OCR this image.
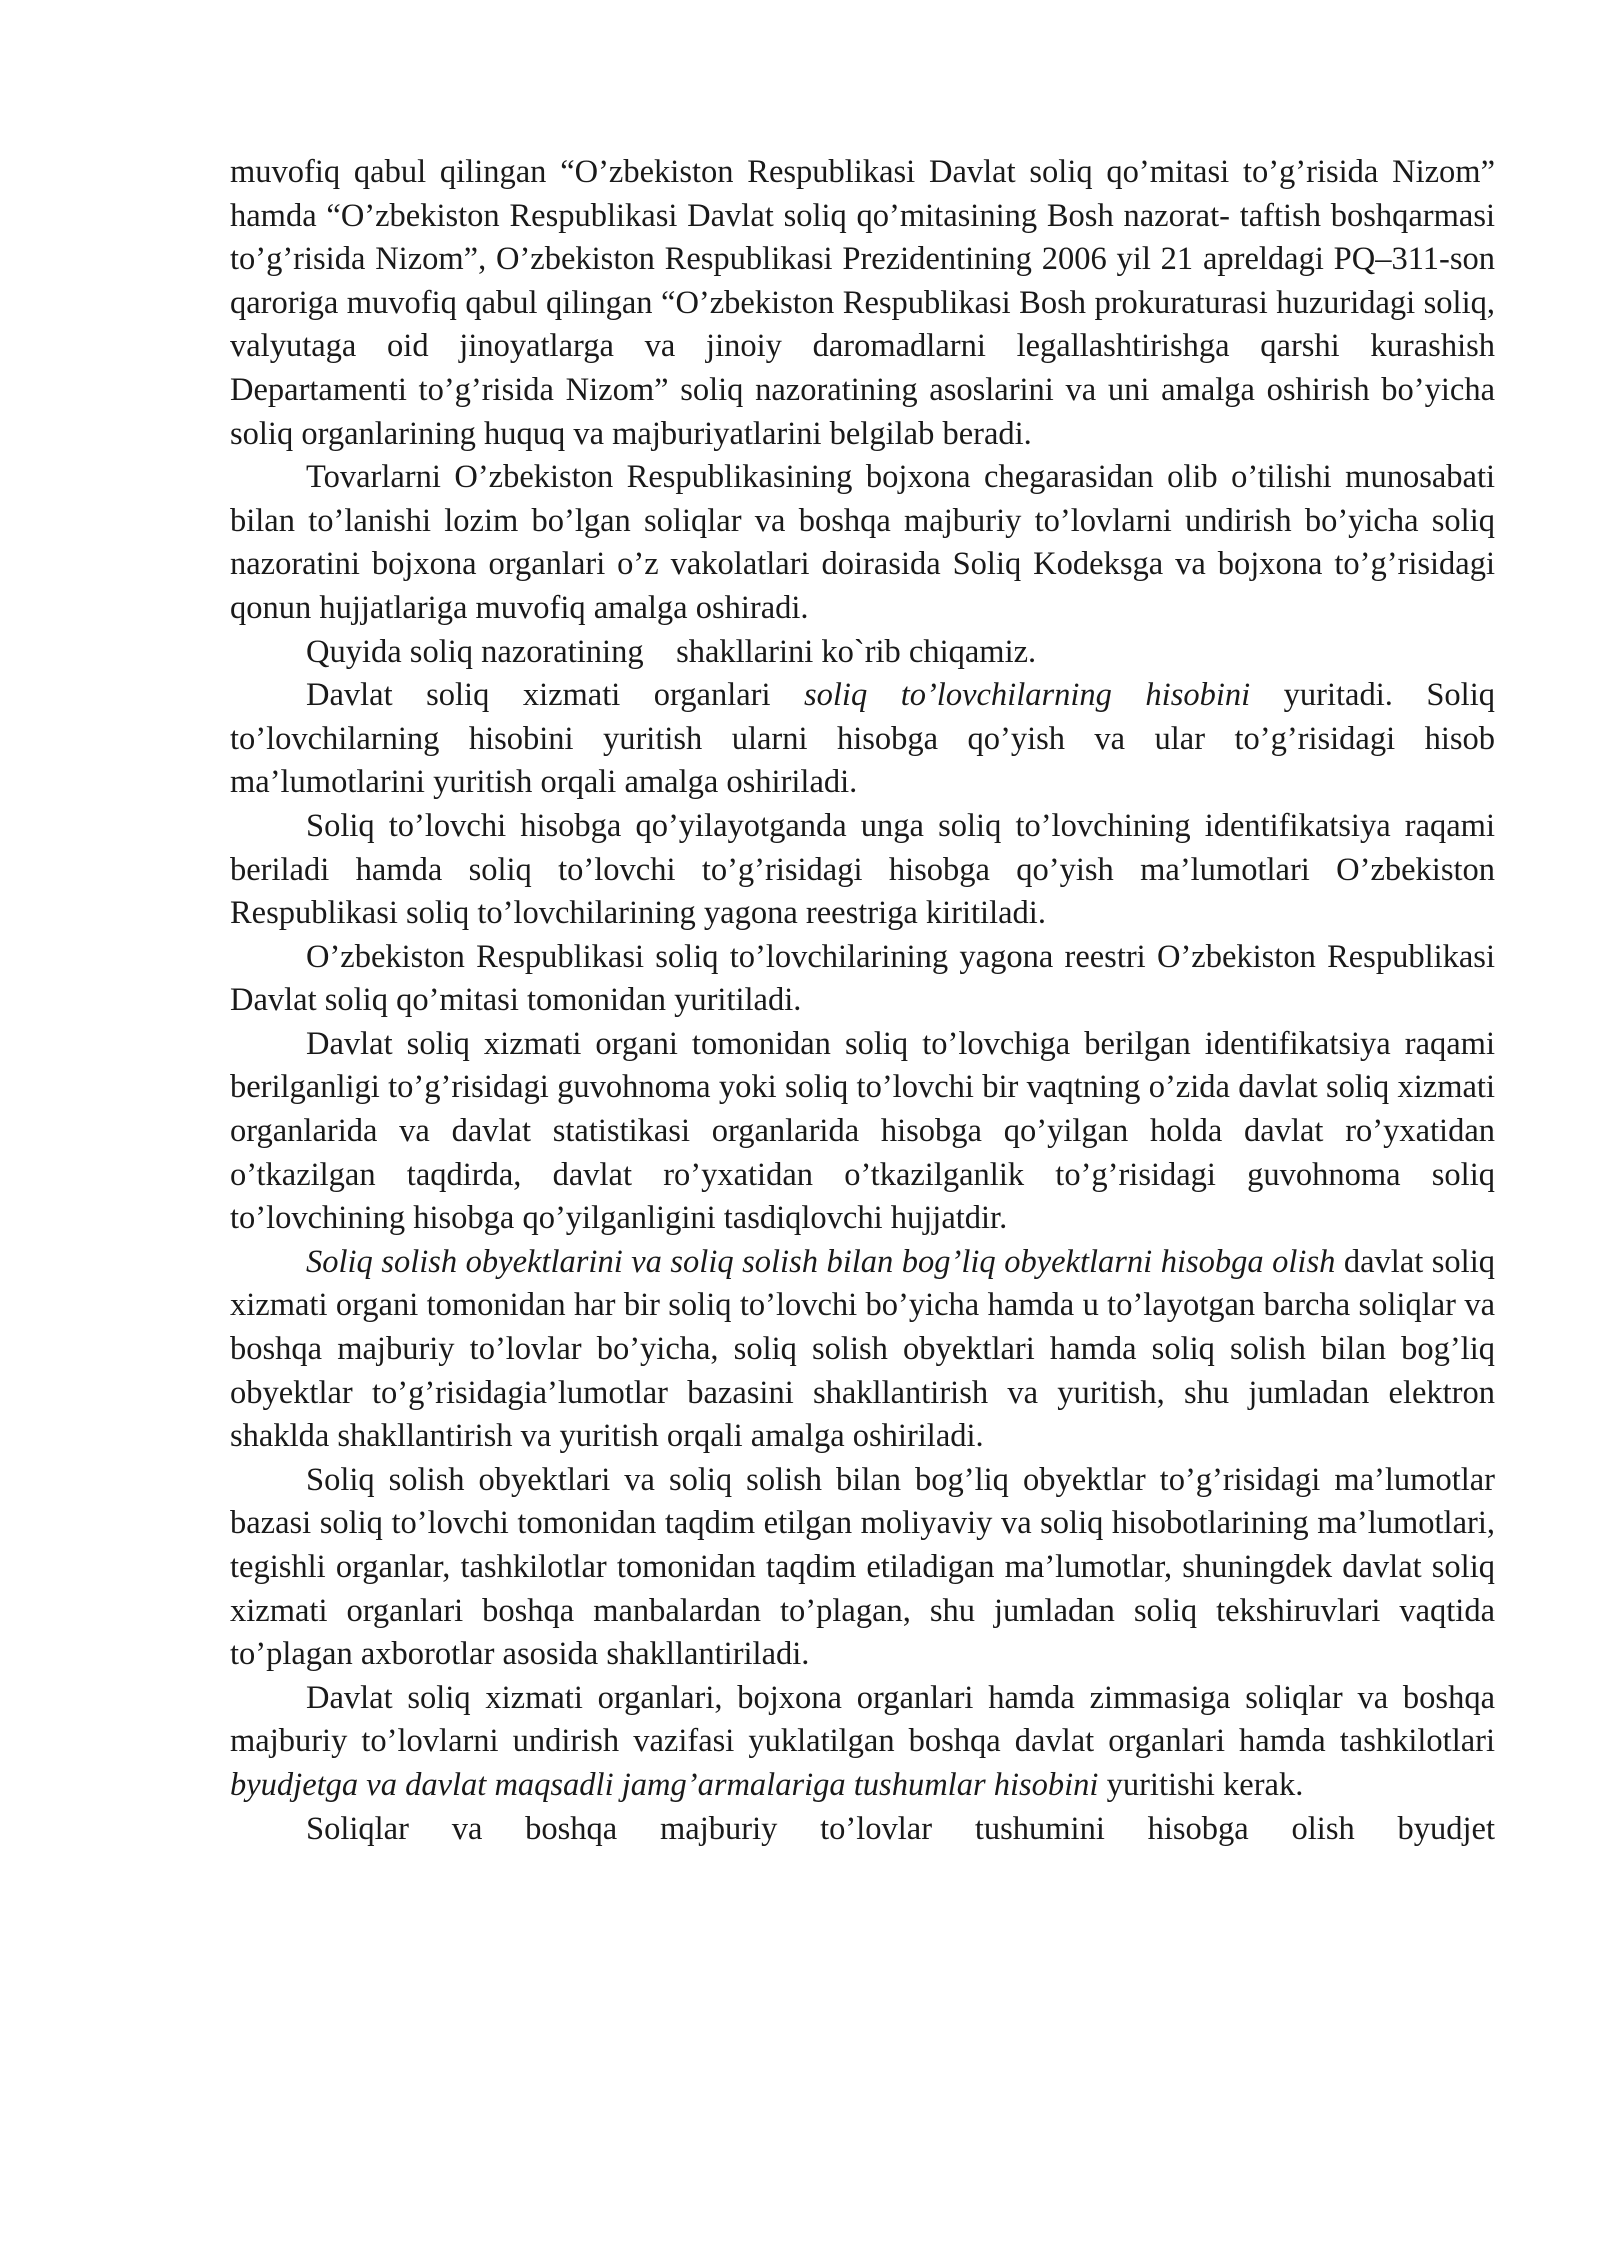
muvofiq qabul qilingan “O’zbekiston Respublikasi Davlat soliq qo’mitasi to’g’risida Nizom” hamda “O’zbekiston Respublikasi Davlat soliq qo’mitasining Bosh nazorat- taftish boshqarmasi to’g’risida Nizom”, O’zbekiston Respublikasi Prezidentining 2006 yil 21 apreldagi PQ–311-son qaroriga muvofiq qabul qilingan “O’zbekiston Respublikasi Bosh prokuraturasi huzuridagi soliq, valyutaga oid jinoyatlarga va jinoiy daromadlarni legallashtirishga qarshi kurashish Departamenti to’g’risida Nizom” soliq nazoratining asoslarini va uni amalga oshirish bo’yicha soliq organlarining huquq va majburiyatlarini belgilab beradi.

Tovarlarni O’zbekiston Respublikasining bojxona chegarasidan olib o’tilishi munosabati bilan to’lanishi lozim bo’lgan soliqlar va boshqa majburiy to’lovlarni undirish bo’yicha soliq nazoratini bojxona organlari o’z vakolatlari doirasida Soliq Kodeksga va bojxona to’g’risidagi qonun hujjatlariga muvofiq amalga oshiradi.

Quyida soliq nazoratining    shakllarini ko`rib chiqamiz.

Davlat soliq xizmati organlari soliq to’lovchilarning hisobini yuritadi. Soliq to’lovchilarning hisobini yuritish ularni hisobga qo’yish va ular to’g’risidagi hisob ma’lumotlarini yuritish orqali amalga oshiriladi.

Soliq to’lovchi hisobga qo’yilayotganda unga soliq to’lovchining identifikatsiya raqami beriladi hamda soliq to’lovchi to’g’risidagi hisobga qo’yish ma’lumotlari O’zbekiston Respublikasi soliq to’lovchilarining yagona reestriga kiritiladi.

O’zbekiston Respublikasi soliq to’lovchilarining yagona reestri O’zbekiston Respublikasi Davlat soliq qo’mitasi tomonidan yuritiladi.

Davlat soliq xizmati organi tomonidan soliq to’lovchiga berilgan identifikatsiya raqami berilganligi to’g’risidagi guvohnoma yoki soliq to’lovchi bir vaqtning o’zida davlat soliq xizmati organlarida va davlat statistikasi organlarida hisobga qo’yilgan holda davlat ro’yxatidan o’tkazilgan taqdirda, davlat ro’yxatidan o’tkazilganlik to’g’risidagi guvohnoma soliq to’lovchining hisobga qo’yilganligini tasdiqlovchi hujjatdir.

Soliq solish obyektlarini va soliq solish bilan bog’liq obyektlarni hisobga olish davlat soliq xizmati organi tomonidan har bir soliq to’lovchi bo’yicha hamda u to’layotgan barcha soliqlar va boshqa majburiy to’lovlar bo’yicha, soliq solish obyektlari hamda soliq solish bilan bog’liq obyektlar to’g’risidagia’lumotlar bazasini shakllantirish va yuritish, shu jumladan elektron shaklda shakllantirish va yuritish orqali amalga oshiriladi.

Soliq solish obyektlari va soliq solish bilan bog’liq obyektlar to’g’risidagi ma’lumotlar bazasi soliq to’lovchi tomonidan taqdim etilgan moliyaviy va soliq hisobotlarining ma’lumotlari, tegishli organlar, tashkilotlar tomonidan taqdim etiladigan ma’lumotlar, shuningdek davlat soliq xizmati organlari boshqa manbalardan to’plagan, shu jumladan soliq tekshiruvlari vaqtida to’plagan axborotlar asosida shakllantiriladi.

Davlat soliq xizmati organlari, bojxona organlari hamda zimmasiga soliqlar va boshqa majburiy to’lovlarni undirish vazifasi yuklatilgan boshqa davlat organlari hamda tashkilotlari byudjetga va davlat maqsadli jamg’armalariga tushumlar hisobini yuritishi kerak.

Soliqlar va boshqa majburiy to’lovlar tushumini hisobga olish byudjet
